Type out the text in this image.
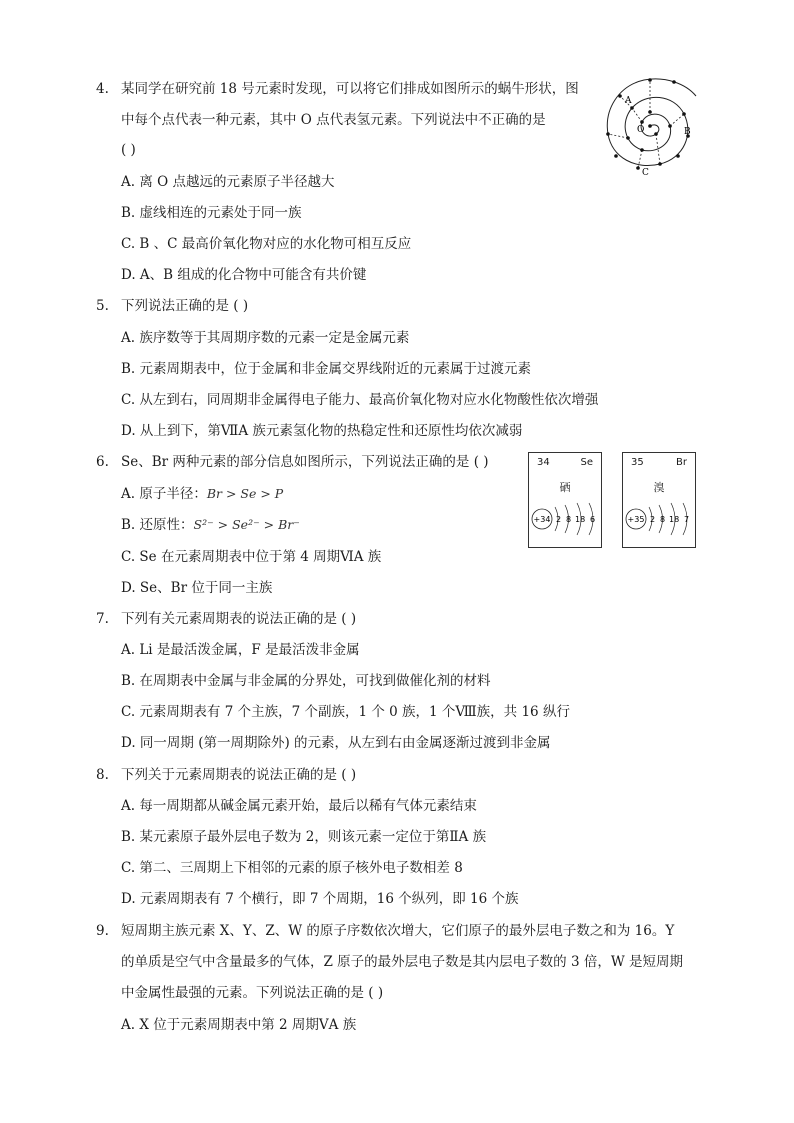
4. 某同学在研究前 18 号元素时发现，可以将它们排成如图所示的蜗牛形状，图
中每个点代表一种元素，其中 O 点代表氢元素。下列说法中不正确的是
( )
A. 离 O 点越远的元素原子半径越大
B. 虚线相连的元素处于同一族
C. B 、C 最高价氧化物对应的水化物可相互反应
D. A、B 组成的化合物中可能含有共价键
A
B
C
O
5. 下列说法正确的是 ( )
A. 族序数等于其周期序数的元素一定是金属元素
B. 元素周期表中，位于金属和非金属交界线附近的元素属于过渡元素
C. 从左到右，同周期非金属得电子能力、最高价氧化物对应水化物酸性依次增强
D. 从上到下，第ⅦA 族元素氢化物的热稳定性和还原性均依次减弱
6. Se、Br 两种元素的部分信息如图所示，下列说法正确的是 ( )
A. 原子半径：Br > Se > P
B. 还原性：S²⁻ > Se²⁻ > Br⁻
C. Se 在元素周期表中位于第 4 周期ⅥA 族
D. Se、Br 位于同一主族
34	Se
硒
+34 2 8 18 6
35	Br
溴
+35 2 8 18 7
7. 下列有关元素周期表的说法正确的是 ( )
A. Li 是最活泼金属，F 是最活泼非金属
B. 在周期表中金属与非金属的分界处，可找到做催化剂的材料
C. 元素周期表有 7 个主族，7 个副族，1 个 0 族，1 个Ⅷ族，共 16 纵行
D. 同一周期 (第一周期除外) 的元素，从左到右由金属逐渐过渡到非金属
8. 下列关于元素周期表的说法正确的是 ( )
A. 每一周期都从碱金属元素开始，最后以稀有气体元素结束
B. 某元素原子最外层电子数为 2，则该元素一定位于第ⅡA 族
C. 第二、三周期上下相邻的元素的原子核外电子数相差 8
D. 元素周期表有 7 个横行，即 7 个周期，16 个纵列，即 16 个族
9. 短周期主族元素 X、Y、Z、W 的原子序数依次增大，它们原子的最外层电子数之和为 16。Y
的单质是空气中含量最多的气体，Z 原子的最外层电子数是其内层电子数的 3 倍，W 是短周期
中金属性最强的元素。下列说法正确的是 ( )
A. X 位于元素周期表中第 2 周期ⅤA 族
